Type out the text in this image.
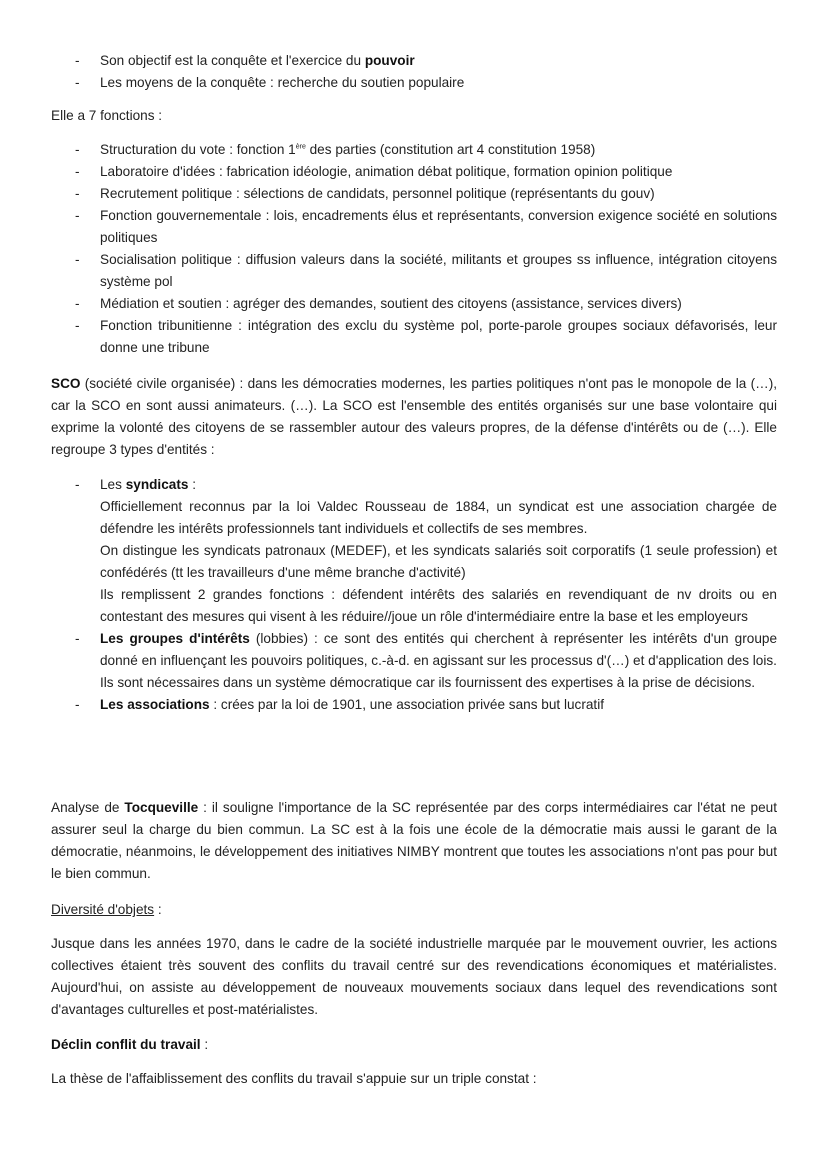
- Son objectif est la conquête et l'exercice du pouvoir
- Les moyens de la conquête : recherche du soutien populaire

Elle a 7 fonctions :

- Structuration du vote : fonction 1ère des parties (constitution art 4 constitution 1958)
- Laboratoire d'idées : fabrication idéologie, animation débat politique, formation opinion politique
- Recrutement politique : sélections de candidats, personnel politique (représentants du gouv)
- Fonction gouvernementale : lois, encadrements élus et représentants, conversion exigence société en solutions politiques
- Socialisation politique : diffusion valeurs dans la société, militants et groupes ss influence, intégration citoyens système pol
- Médiation et soutien : agréger des demandes, soutient des citoyens (assistance, services divers)
- Fonction tribunitienne : intégration des exclu du système pol, porte-parole groupes sociaux défavorisés, leur donne une tribune

SCO (société civile organisée) : dans les démocraties modernes, les parties politiques n'ont pas le monopole de la (…), car la SCO en sont aussi animateurs. (…). La SCO est l'ensemble des entités organisés sur une base volontaire qui exprime la volonté des citoyens de se rassembler autour des valeurs propres, de la défense d'intérêts ou de (…). Elle regroupe 3 types d'entités :

- Les syndicats :

Officiellement reconnus par la loi Valdec Rousseau de 1884, un syndicat est une association chargée de défendre les intérêts professionnels tant individuels et collectifs de ses membres.

On distingue les syndicats patronaux (MEDEF), et les syndicats salariés soit corporatifs (1 seule profession) et confédérés (tt les travailleurs d'une même branche d'activité)

Ils remplissent 2 grandes fonctions : défendent intérêts des salariés en revendiquant de nv droits ou en contestant des mesures qui visent à les réduire//joue un rôle d'intermédiaire entre la base et les employeurs

- Les groupes d'intérêts (lobbies) : ce sont des entités qui cherchent à représenter les intérêts d'un groupe donné en influençant les pouvoirs politiques, c.-à-d. en agissant sur les processus d'(…) et d'application des lois.

Ils sont nécessaires dans un système démocratique car ils fournissent des expertises à la prise de décisions.

- Les associations : crées par la loi de 1901, une association privée sans but lucratif

Analyse de Tocqueville : il souligne l'importance de la SC représentée par des corps intermédiaires car l'état ne peut assurer seul la charge du bien commun. La SC est à la fois une école de la démocratie mais aussi le garant de la démocratie, néanmoins, le développement des initiatives NIMBY montrent que toutes les associations n'ont pas pour but le bien commun.

Diversité d'objets :

Jusque dans les années 1970, dans le cadre de la société industrielle marquée par le mouvement ouvrier, les actions collectives étaient très souvent des conflits du travail centré sur des revendications économiques et matérialistes. Aujourd'hui, on assiste au développement de nouveaux mouvements sociaux dans lequel des revendications sont d'avantages culturelles et post-matérialistes.

Déclin conflit du travail :

La thèse de l'affaiblissement des conflits du travail s'appuie sur un triple constat :
